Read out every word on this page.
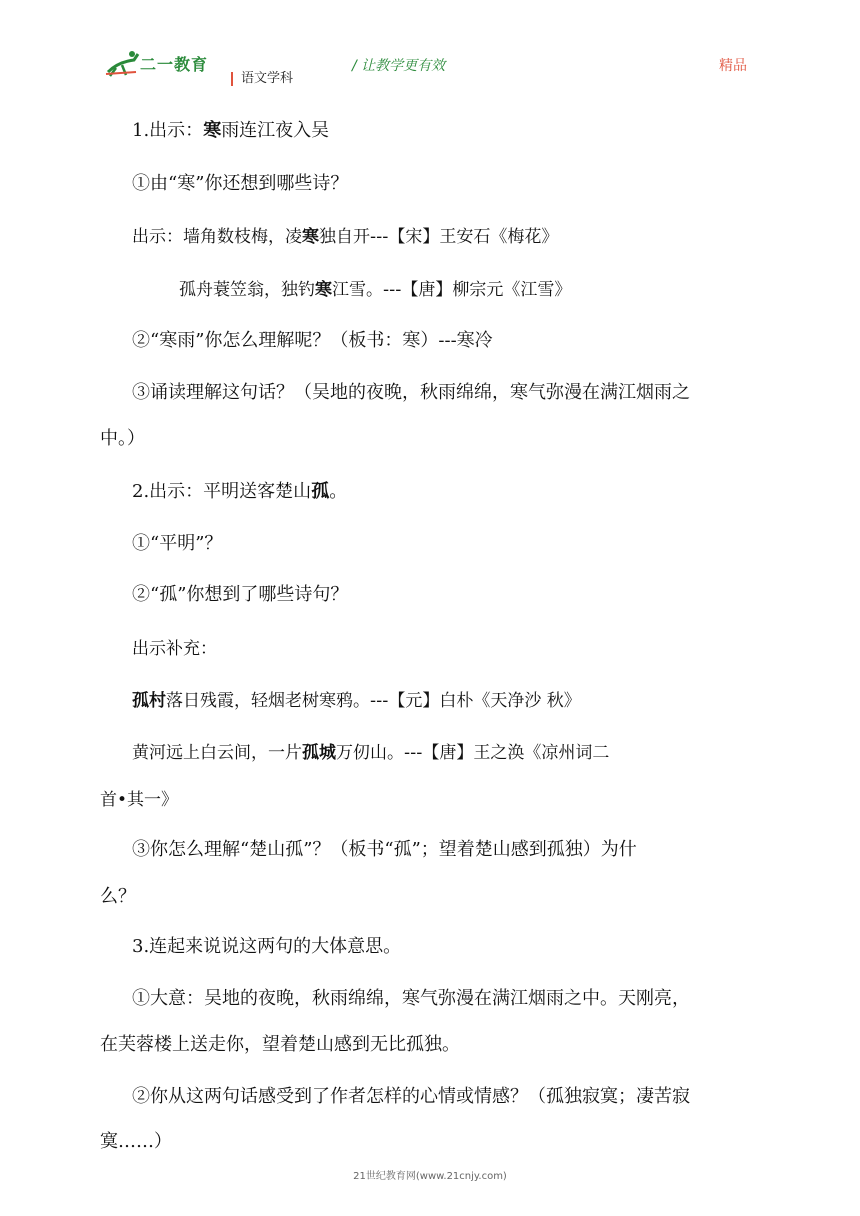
二一教育
语文学科
/ 让教学更有效	精品
1.出示：寒雨连江夜入吴
①由“寒”你还想到哪些诗？
出示：墙角数枝梅，凌寒独自开---【宋】王安石《梅花》
孤舟蓑笠翁，独钓寒江雪。---【唐】柳宗元《江雪》
②“寒雨”你怎么理解呢？（板书：寒）---寒冷
③诵读理解这句话？（吴地的夜晚，秋雨绵绵，寒气弥漫在满江烟雨之
中。）
2.出示：平明送客楚山孤。
①“平明”？
②“孤”你想到了哪些诗句？
出示补充：
孤村落日残霞，轻烟老树寒鸦。---【元】白朴《天净沙 秋》
黄河远上白云间，一片孤城万仞山。---【唐】王之涣《凉州词二
首•其一》
③你怎么理解“楚山孤”？（板书“孤”；望着楚山感到孤独）为什
么？
3.连起来说说这两句的大体意思。
①大意：吴地的夜晚，秋雨绵绵，寒气弥漫在满江烟雨之中。天刚亮，
在芙蓉楼上送走你，望着楚山感到无比孤独。
②你从这两句话感受到了作者怎样的心情或情感？（孤独寂寞；凄苦寂
寞……）
21世纪教育网(www.21cnjy.com)
